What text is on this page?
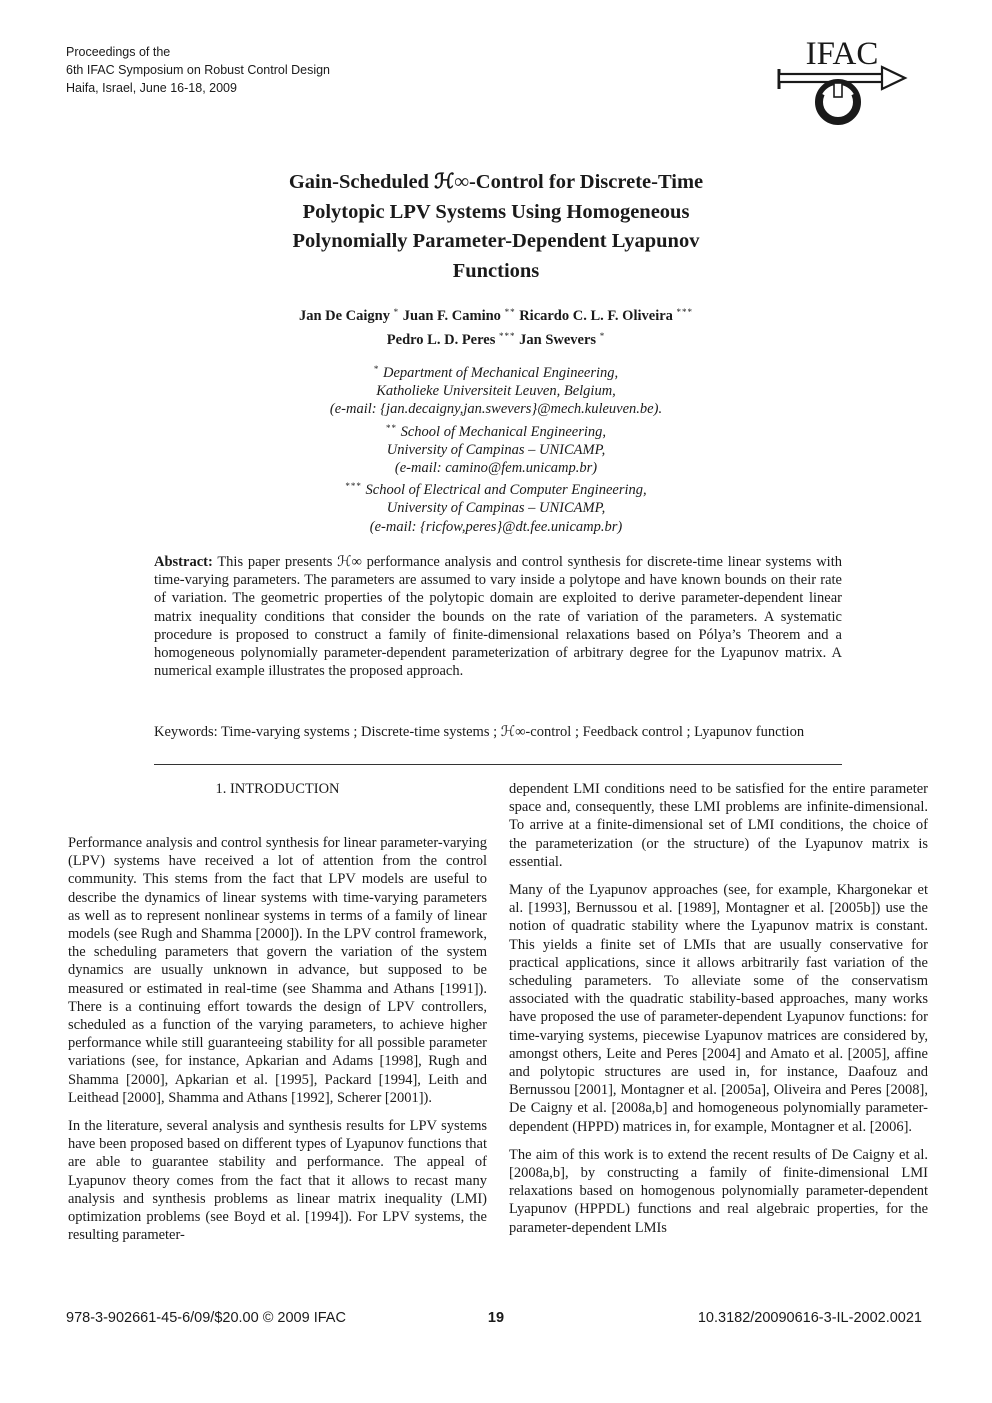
Proceedings of the
6th IFAC Symposium on Robust Control Design
Haifa, Israel, June 16-18, 2009
IFAC
Gain-Scheduled ℋ∞-Control for Discrete-Time
Polytopic LPV Systems Using Homogeneous
Polynomially Parameter-Dependent Lyapunov
Functions
Jan De Caigny * Juan F. Camino ** Ricardo C. L. F. Oliveira ***
Pedro L. D. Peres *** Jan Swevers *
* Department of Mechanical Engineering,
Katholieke Universiteit Leuven, Belgium,
(e-mail: {jan.decaigny,jan.swevers}@mech.kuleuven.be).
** School of Mechanical Engineering,
University of Campinas – UNICAMP,
(e-mail: camino@fem.unicamp.br)
*** School of Electrical and Computer Engineering,
University of Campinas – UNICAMP,
(e-mail: {ricfow,peres}@dt.fee.unicamp.br)
Abstract: This paper presents ℋ∞ performance analysis and control synthesis for discrete-time linear systems with time-varying parameters. The parameters are assumed to vary inside a polytope and have known bounds on their rate of variation. The geometric properties of the polytopic domain are exploited to derive parameter-dependent linear matrix inequality conditions that consider the bounds on the rate of variation of the parameters. A systematic procedure is proposed to construct a family of finite-dimensional relaxations based on Pólya’s Theorem and a homogeneous polynomially parameter-dependent parameterization of arbitrary degree for the Lyapunov matrix. A numerical example illustrates the proposed approach.
Keywords: Time-varying systems ; Discrete-time systems ; ℋ∞-control ; Feedback control ; Lyapunov function
1. INTRODUCTION

Performance analysis and control synthesis for linear parameter-varying (LPV) systems have received a lot of attention from the control community. This stems from the fact that LPV models are useful to describe the dynamics of linear systems with time-varying parameters as well as to represent nonlinear systems in terms of a family of linear models (see Rugh and Shamma [2000]). In the LPV control framework, the scheduling parameters that govern the variation of the system dynamics are usually unknown in advance, but supposed to be measured or estimated in real-time (see Shamma and Athans [1991]). There is a continuing effort towards the design of LPV controllers, scheduled as a function of the varying parameters, to achieve higher performance while still guaranteeing stability for all possible parameter variations (see, for instance, Apkarian and Adams [1998], Rugh and Shamma [2000], Apkarian et al. [1995], Packard [1994], Leith and Leithead [2000], Shamma and Athans [1992], Scherer [2001]).

In the literature, several analysis and synthesis results for LPV systems have been proposed based on different types of Lyapunov functions that are able to guarantee stability and performance. The appeal of Lyapunov theory comes from the fact that it allows to recast many analysis and synthesis problems as linear matrix inequality (LMI) optimization problems (see Boyd et al. [1994]). For LPV systems, the resulting parameter-

dependent LMI conditions need to be satisfied for the entire parameter space and, consequently, these LMI problems are infinite-dimensional. To arrive at a finite-dimensional set of LMI conditions, the choice of the parameterization (or the structure) of the Lyapunov matrix is essential.

Many of the Lyapunov approaches (see, for example, Khargonekar et al. [1993], Bernussou et al. [1989], Montagner et al. [2005b]) use the notion of quadratic stability where the Lyapunov matrix is constant. This yields a finite set of LMIs that are usually conservative for practical applications, since it allows arbitrarily fast variation of the scheduling parameters. To alleviate some of the conservatism associated with the quadratic stability-based approaches, many works have proposed the use of parameter-dependent Lyapunov functions: for time-varying systems, piecewise Lyapunov matrices are considered by, amongst others, Leite and Peres [2004] and Amato et al. [2005], affine and polytopic structures are used in, for instance, Daafouz and Bernussou [2001], Montagner et al. [2005a], Oliveira and Peres [2008], De Caigny et al. [2008a,b] and homogeneous polynomially parameter-dependent (HPPD) matrices in, for example, Montagner et al. [2006].

The aim of this work is to extend the recent results of De Caigny et al. [2008a,b], by constructing a family of finite-dimensional LMI relaxations based on homogenous polynomially parameter-dependent Lyapunov (HPPDL) functions and real algebraic properties, for the parameter-dependent LMIs

978-3-902661-45-6/09/$20.00 © 2009 IFAC	19	10.3182/20090616-3-IL-2002.0021
